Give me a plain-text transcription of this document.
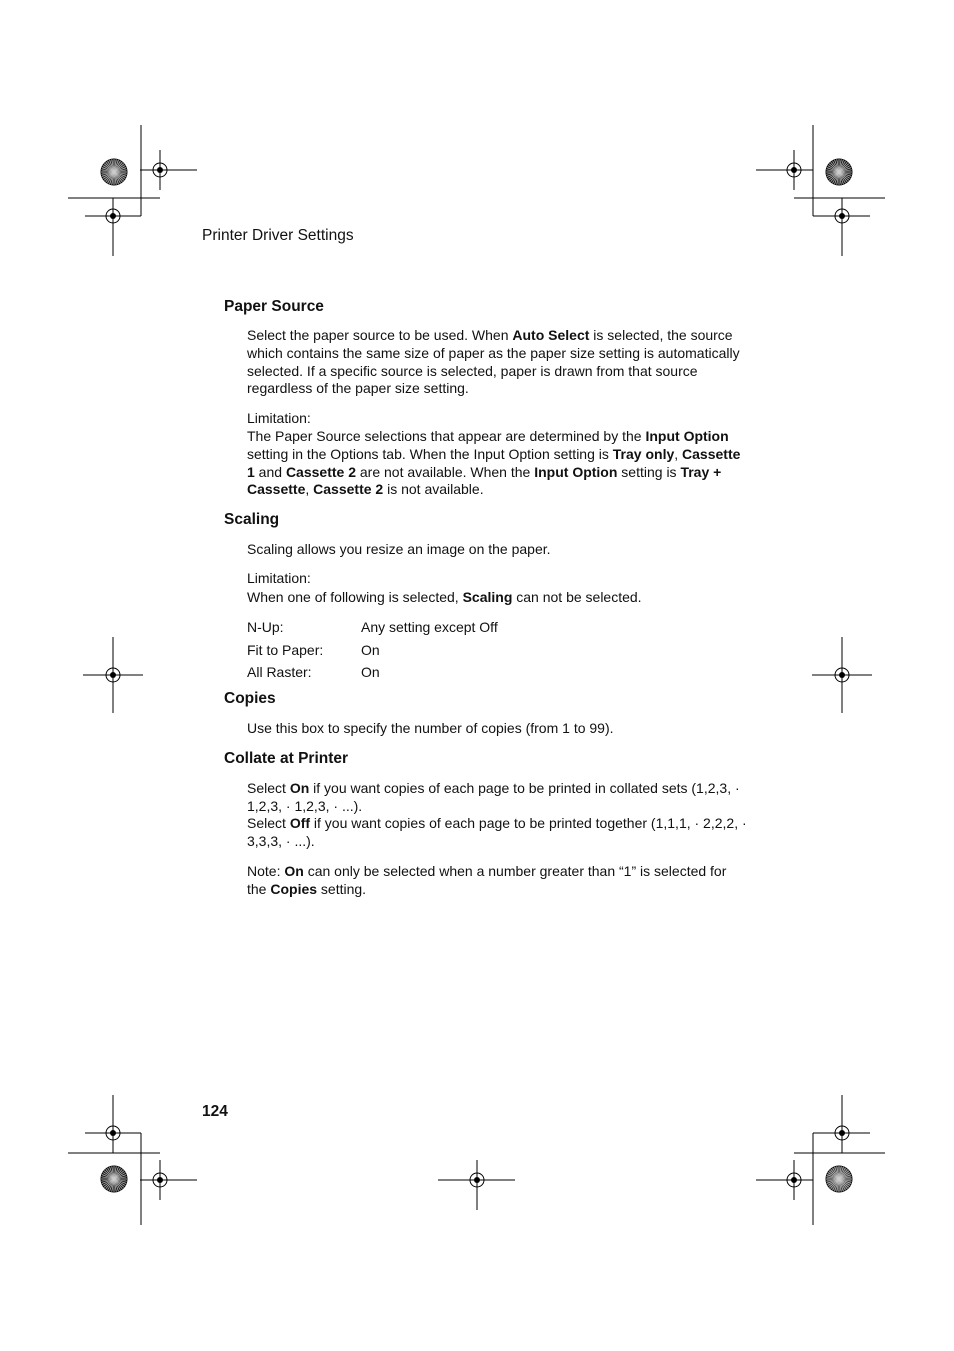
Printer Driver Settings
Paper Source
Select the paper source to be used. When Auto Select is selected, the source which contains the same size of paper as the paper size setting is automatically selected. If a specific source is selected, paper is drawn from that source regardless of the paper size setting.
Limitation:
The Paper Source selections that appear are determined by the Input Option setting in the Options tab. When the Input Option setting is Tray only, Cassette 1 and Cassette 2 are not available. When the Input Option setting is Tray + Cassette, Cassette 2 is not available.
Scaling
Scaling allows you resize an image on the paper.
Limitation:
When one of following is selected, Scaling can not be selected.
N-Up:	Any setting except Off
Fit to Paper:	On
All Raster:	On
Copies
Use this box to specify the number of copies (from 1 to 99).
Collate at Printer
Select On if you want copies of each page to be printed in collated sets (1,2,3, · 1,2,3, · 1,2,3, · ...).
Select Off if you want copies of each page to be printed together (1,1,1, · 2,2,2, · 3,3,3, · ...).
Note: On can only be selected when a number greater than “1” is selected for the Copies setting.
124
